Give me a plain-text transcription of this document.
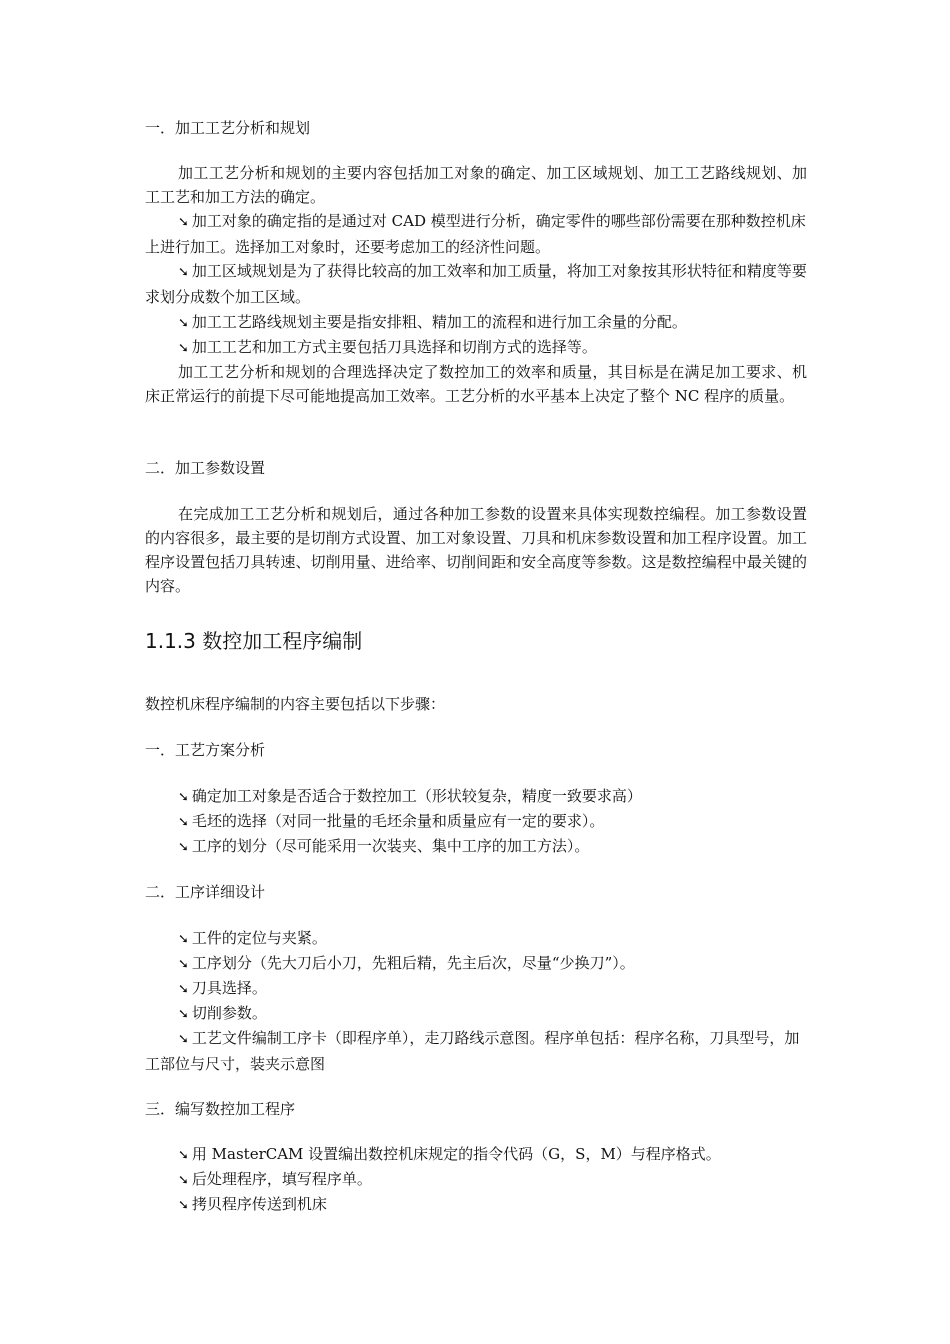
一．加工工艺分析和规划

加工工艺分析和规划的主要内容包括加工对象的确定、加工区域规划、加工工艺路线规划、加工工艺和加工方法的确定。

➘ 加工对象的确定指的是通过对 CAD 模型进行分析，确定零件的哪些部份需要在那种数控机床上进行加工。选择加工对象时，还要考虑加工的经济性问题。

➘ 加工区域规划是为了获得比较高的加工效率和加工质量，将加工对象按其形状特征和精度等要求划分成数个加工区域。

➘ 加工工艺路线规划主要是指安排粗、精加工的流程和进行加工余量的分配。

➘ 加工工艺和加工方式主要包括刀具选择和切削方式的选择等。

加工工艺分析和规划的合理选择决定了数控加工的效率和质量，其目标是在满足加工要求、机床正常运行的前提下尽可能地提高加工效率。工艺分析的水平基本上决定了整个 NC 程序的质量。

二．加工参数设置

在完成加工工艺分析和规划后，通过各种加工参数的设置来具体实现数控编程。加工参数设置的内容很多，最主要的是切削方式设置、加工对象设置、刀具和机床参数设置和加工程序设置。加工程序设置包括刀具转速、切削用量、进给率、切削间距和安全高度等参数。这是数控编程中最关键的内容。

1.1.3 数控加工程序编制

数控机床程序编制的内容主要包括以下步骤：

一．工艺方案分析

➘ 确定加工对象是否适合于数控加工（形状较复杂，精度一致要求高）

➘ 毛坯的选择（对同一批量的毛坯余量和质量应有一定的要求）。

➘ 工序的划分（尽可能采用一次装夹、集中工序的加工方法）。

二．工序详细设计

➘ 工件的定位与夹紧。

➘ 工序划分（先大刀后小刀，先粗后精，先主后次，尽量“少换刀”）。

➘ 刀具选择。

➘ 切削参数。

➘ 工艺文件编制工序卡（即程序单），走刀路线示意图。程序单包括：程序名称，刀具型号，加工部位与尺寸，装夹示意图

三．编写数控加工程序

➘ 用 MasterCAM 设置编出数控机床规定的指令代码（G，S，M）与程序格式。

➘ 后处理程序，填写程序单。

➘ 拷贝程序传送到机床
